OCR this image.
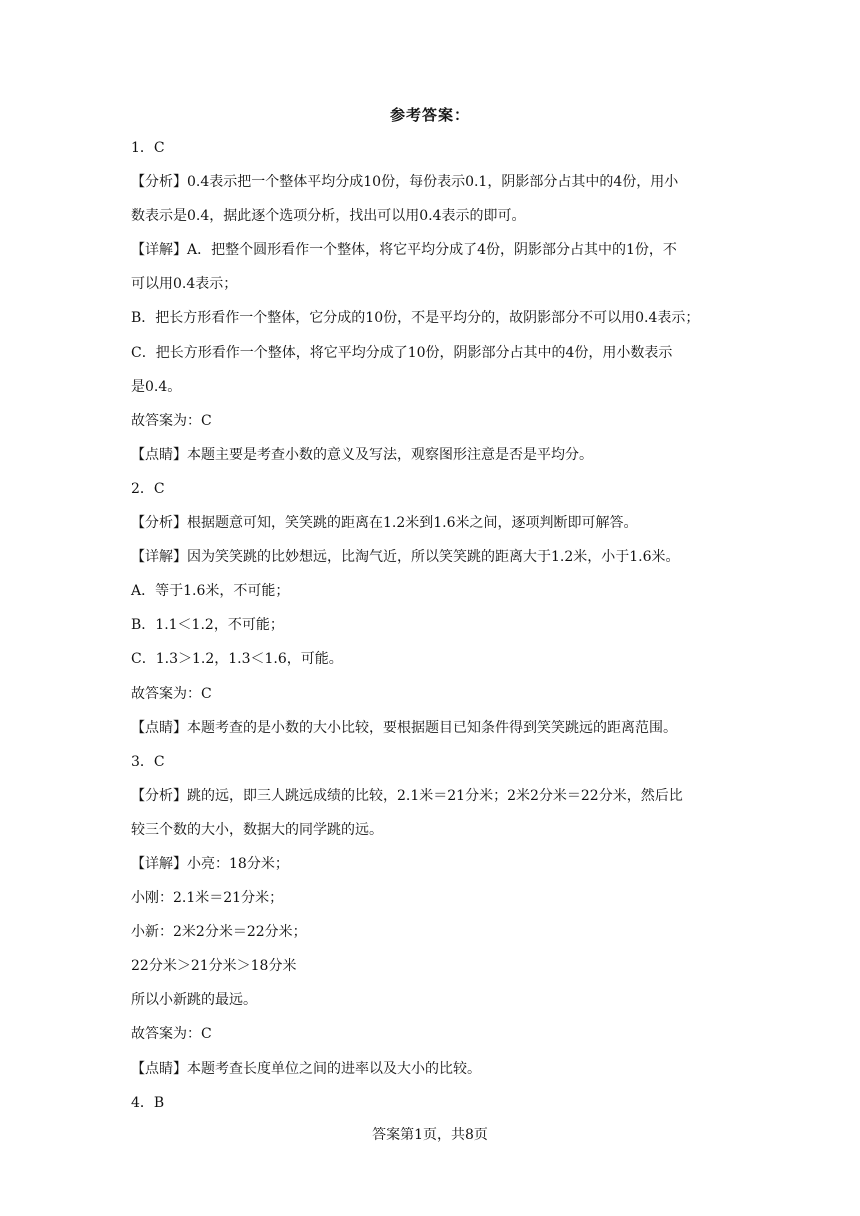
参考答案：
1．C
【分析】0.4表示把一个整体平均分成10份，每份表示0.1，阴影部分占其中的4份，用小
数表示是0.4，据此逐个选项分析，找出可以用0.4表示的即可。
【详解】A．把整个圆形看作一个整体，将它平均分成了4份，阴影部分占其中的1份，不
可以用0.4表示；
B．把长方形看作一个整体，它分成的10份，不是平均分的，故阴影部分不可以用0.4表示；
C．把长方形看作一个整体，将它平均分成了10份，阴影部分占其中的4份，用小数表示
是0.4。
故答案为：C
【点睛】本题主要是考查小数的意义及写法，观察图形注意是否是平均分。
2．C
【分析】根据题意可知，笑笑跳的距离在1.2米到1.6米之间，逐项判断即可解答。
【详解】因为笑笑跳的比妙想远，比淘气近，所以笑笑跳的距离大于1.2米，小于1.6米。
A．等于1.6米，不可能；
B．1.1＜1.2，不可能；
C．1.3＞1.2，1.3＜1.6，可能。
故答案为：C
【点睛】本题考查的是小数的大小比较，要根据题目已知条件得到笑笑跳远的距离范围。
3．C
【分析】跳的远，即三人跳远成绩的比较，2.1米＝21分米；2米2分米＝22分米，然后比
较三个数的大小，数据大的同学跳的远。
【详解】小亮：18分米；
小刚：2.1米＝21分米；
小新：2米2分米＝22分米；
22分米＞21分米＞18分米
所以小新跳的最远。
故答案为：C
【点睛】本题考查长度单位之间的进率以及大小的比较。
4．B
答案第1页，共8页
